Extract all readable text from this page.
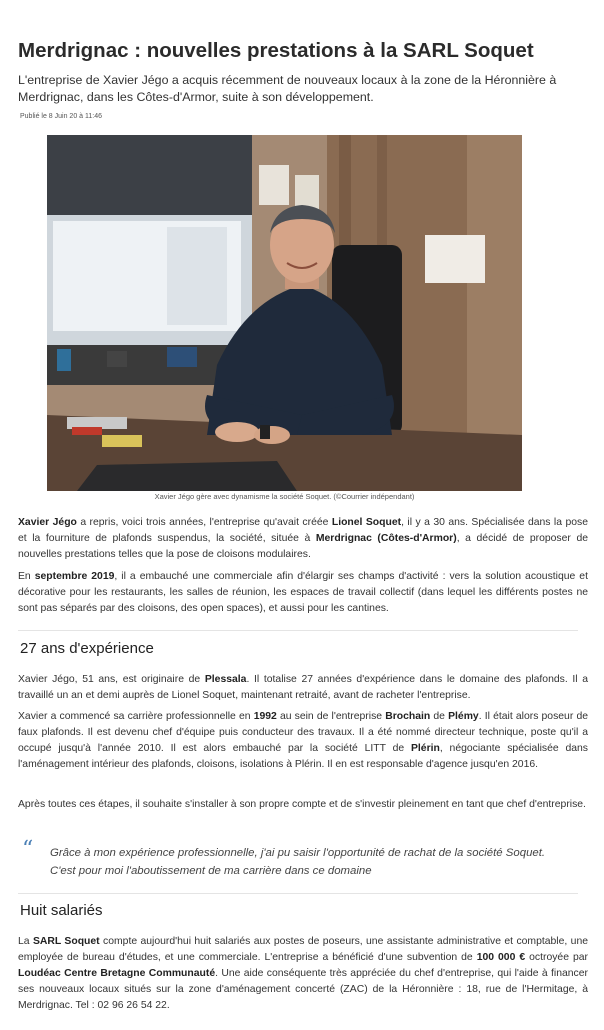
Merdrignac : nouvelles prestations à la SARL Soquet

L'entreprise de Xavier Jégo a acquis récemment de nouveaux locaux à la zone de la Héronnière à Merdrignac, dans les Côtes-d'Armor, suite à son développement.

Publié le 8 Juin 20 à 11:46
Xavier Jégo gère avec dynamisme la société Soquet. (©Courrier indépendant)

Xavier Jégo a repris, voici trois années, l'entreprise qu'avait créée Lionel Soquet, il y a 30 ans. Spécialisée dans la pose et la fourniture de plafonds suspendus, la société, située à Merdrignac (Côtes-d'Armor), a décidé de proposer de nouvelles prestations telles que la pose de cloisons modulaires.

En septembre 2019, il a embauché une commerciale afin d'élargir ses champs d'activité : vers la solution acoustique et décorative pour les restaurants, les salles de réunion, les espaces de travail collectif (dans lequel les différents postes ne sont pas séparés par des cloisons, des open spaces), et aussi pour les cantines.

27 ans d'expérience

Xavier Jégo, 51 ans, est originaire de Plessala. Il totalise 27 années d'expérience dans le domaine des plafonds. Il a travaillé un an et demi auprès de Lionel Soquet, maintenant retraité, avant de racheter l'entreprise.

Xavier a commencé sa carrière professionnelle en 1992 au sein de l'entreprise Brochain de Plémy. Il était alors poseur de faux plafonds. Il est devenu chef d'équipe puis conducteur des travaux. Il a été nommé directeur technique, poste qu'il a occupé jusqu'à l'année 2010. Il est alors embauché par la société LITT de Plérin, négociante spécialisée dans l'aménagement intérieur des plafonds, cloisons, isolations à Plérin. Il en est responsable d'agence jusqu'en 2016.

Après toutes ces étapes, il souhaite s'installer à son propre compte et de s'investir pleinement en tant que chef d'entreprise.

“ Grâce à mon expérience professionnelle, j'ai pu saisir l'opportunité de rachat de la société Soquet. C'est pour moi l'aboutissement de ma carrière dans ce domaine

Huit salariés

La SARL Soquet compte aujourd'hui huit salariés aux postes de poseurs, une assistante administrative et comptable, une employée de bureau d'études, et une commerciale. L'entreprise a bénéficié d'une subvention de 100 000 € octroyée par Loudéac Centre Bretagne Communauté. Une aide conséquente très appréciée du chef d'entreprise, qui l'aide à financer ses nouveaux locaux situés sur la zone d'aménagement concerté (ZAC) de la Héronnière : 18, rue de l'Hermitage, à Merdrignac. Tel : 02 96 26 54 22.
